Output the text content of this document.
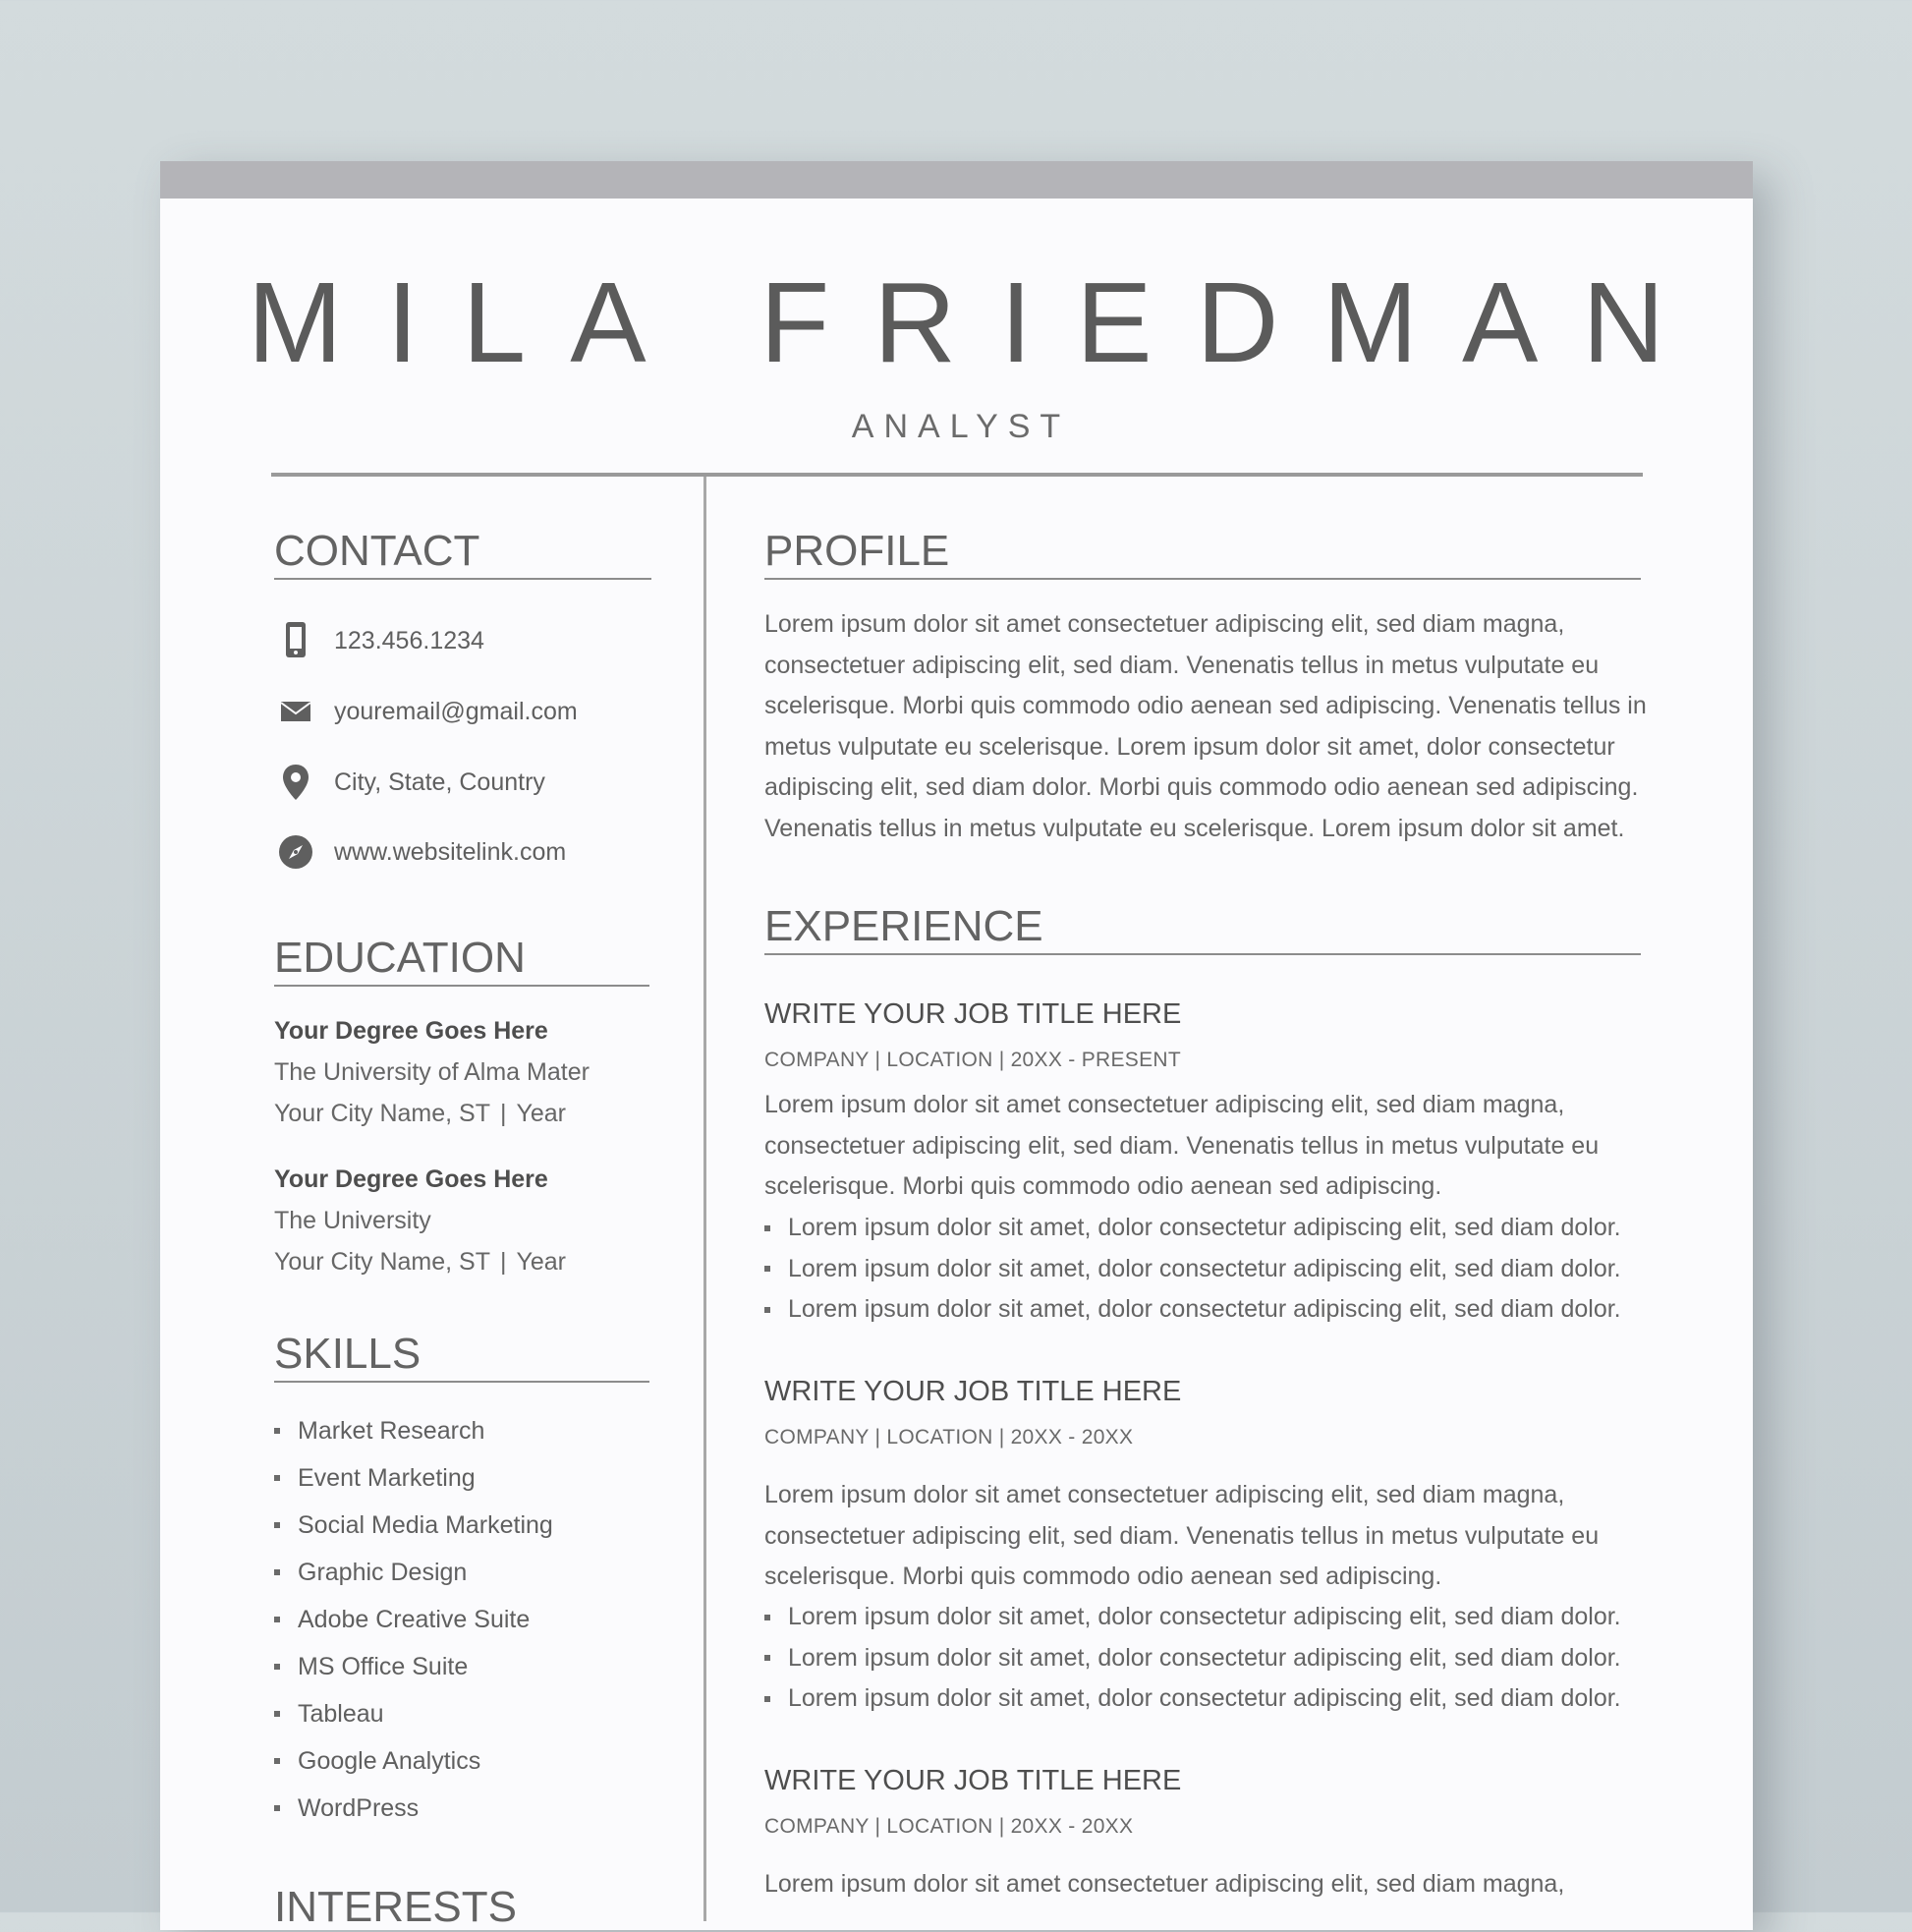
MILA FRIEDMAN
ANALYST
CONTACT
123.456.1234
youremail@gmail.com
City, State, Country
www.websitelink.com
EDUCATION
Your Degree Goes Here
The University of Alma Mater
Your City Name, ST | Year
Your Degree Goes Here
The University
Your City Name, ST | Year
SKILLS
Market Research
Event Marketing
Social Media Marketing
Graphic Design
Adobe Creative Suite
MS Office Suite
Tableau
Google Analytics
WordPress
INTERESTS
PROFILE
Lorem ipsum dolor sit amet consectetuer adipiscing elit, sed diam magna,
consectetuer adipiscing elit, sed diam. Venenatis tellus in metus vulputate eu
scelerisque. Morbi quis commodo odio aenean sed adipiscing. Venenatis tellus in
metus vulputate eu scelerisque. Lorem ipsum dolor sit amet, dolor consectetur
adipiscing elit, sed diam dolor. Morbi quis commodo odio aenean sed adipiscing.
Venenatis tellus in metus vulputate eu scelerisque. Lorem ipsum dolor sit amet.
EXPERIENCE
WRITE YOUR JOB TITLE HERE
COMPANY | LOCATION | 20XX - PRESENT
Lorem ipsum dolor sit amet consectetuer adipiscing elit, sed diam magna,
consectetuer adipiscing elit, sed diam. Venenatis tellus in metus vulputate eu
scelerisque. Morbi quis commodo odio aenean sed adipiscing.
Lorem ipsum dolor sit amet, dolor consectetur adipiscing elit, sed diam dolor.
Lorem ipsum dolor sit amet, dolor consectetur adipiscing elit, sed diam dolor.
Lorem ipsum dolor sit amet, dolor consectetur adipiscing elit, sed diam dolor.
WRITE YOUR JOB TITLE HERE
COMPANY | LOCATION | 20XX - 20XX
Lorem ipsum dolor sit amet consectetuer adipiscing elit, sed diam magna,
consectetuer adipiscing elit, sed diam. Venenatis tellus in metus vulputate eu
scelerisque. Morbi quis commodo odio aenean sed adipiscing.
Lorem ipsum dolor sit amet, dolor consectetur adipiscing elit, sed diam dolor.
Lorem ipsum dolor sit amet, dolor consectetur adipiscing elit, sed diam dolor.
Lorem ipsum dolor sit amet, dolor consectetur adipiscing elit, sed diam dolor.
WRITE YOUR JOB TITLE HERE
COMPANY | LOCATION | 20XX - 20XX
Lorem ipsum dolor sit amet consectetuer adipiscing elit, sed diam magna,
